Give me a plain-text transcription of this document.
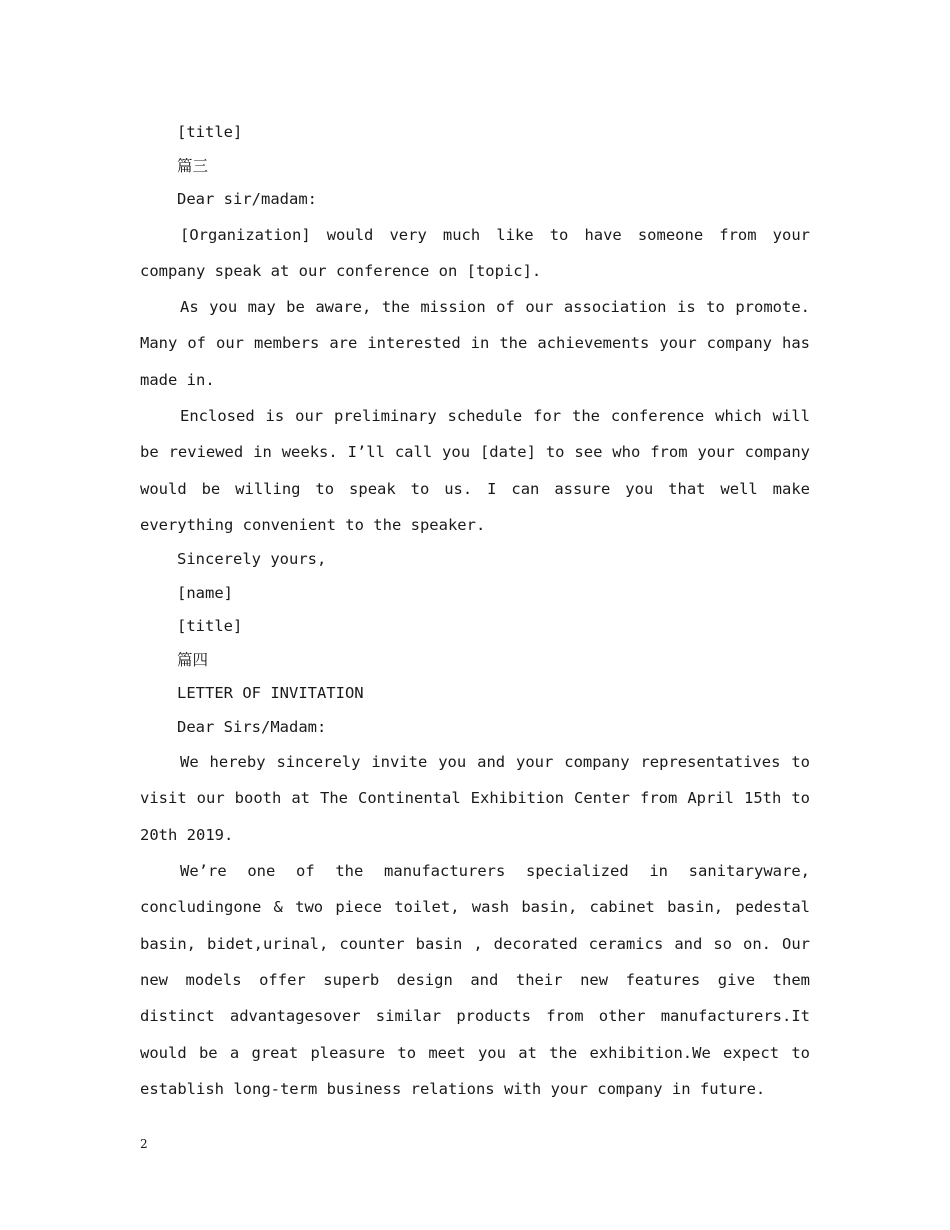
[title]

篇三

Dear sir/madam:

[Organization] would very much like to have someone from your company speak at our conference on [topic].

As you may be aware, the mission of our association is to promote. Many of our members are interested in the achievements your company has made in.

Enclosed is our preliminary schedule for the conference which will be reviewed in weeks. I’ll call you [date] to see who from your company would be willing to speak to us. I can assure you that well make everything convenient to the speaker.

Sincerely yours,

[name]

[title]

篇四

LETTER OF INVITATION

Dear Sirs/Madam:

We hereby sincerely invite you and your company representatives to visit our booth at The Continental Exhibition Center from April 15th to 20th 2019.

We’re one of the manufacturers specialized in sanitaryware, concludingone & two piece toilet, wash basin, cabinet basin, pedestal basin, bidet,urinal, counter basin , decorated ceramics and so on. Our new models offer superb design and their new features give them distinct advantagesover similar products from other manufacturers.It would be a great pleasure to meet you at the exhibition.We expect to establish long-term business relations with your company in future.

2
